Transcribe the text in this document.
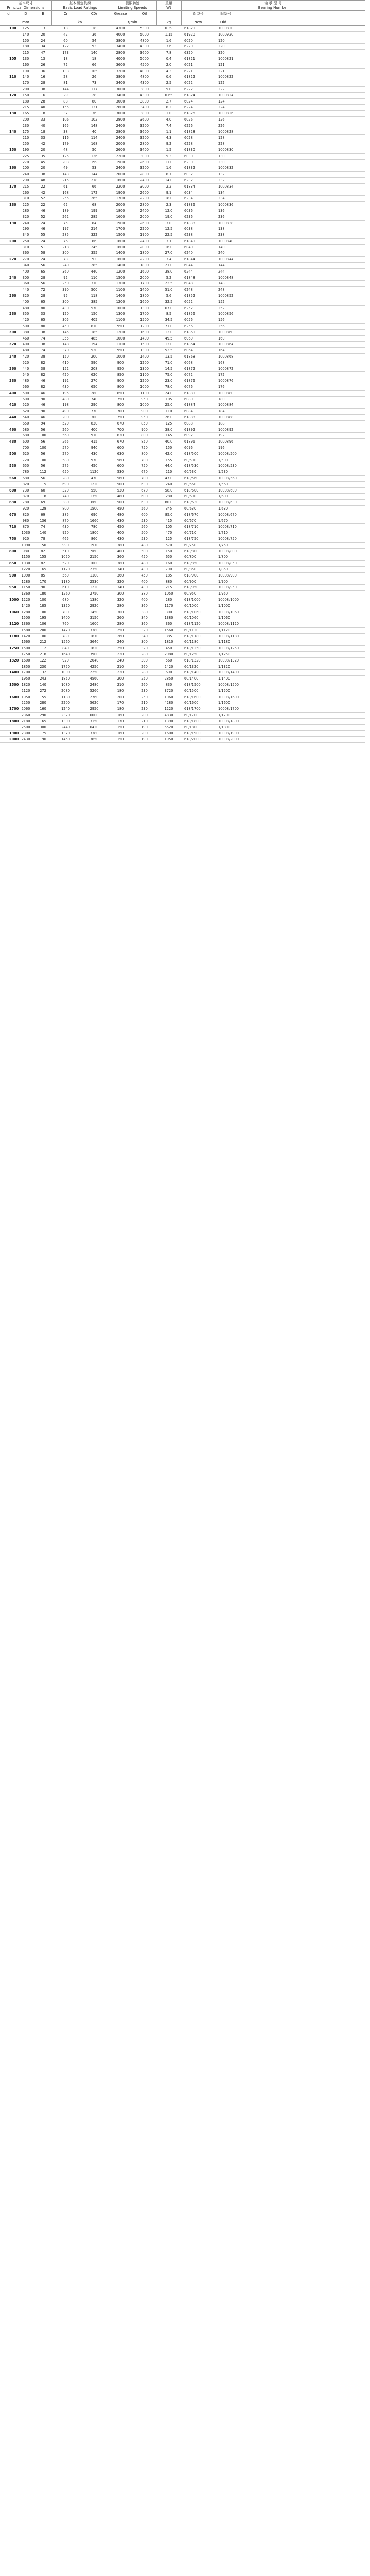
基本尺寸
Principal Dimensions
基本额定负荷
Basic Load Ratings
极限转速
Limiting Speeds
重量
Wt
轴 承 型 号
Bearing Number
d	D	B	Cr	C0r	Grease	Oil	新型号	旧型号
mm	kN	r/min	kg	New	Old
100	125	13	18	18	4300	5300	0.39	61820	1000820
	140	20	42	36	4000	5000	1.15	61920	1000920
	150	24	60	54	3800	4800	1.6	6020	120
	180	34	122	93	3400	4300	3.6	6220	220
	215	47	173	140	2800	3600	7.8	6320	320
105	130	13	18	18	4000	5000	0.4	61821	1000821
	160	26	72	66	3600	4500	2.0	6021	121
	190	36	133	105	3200	4000	4.3	6221	221
110	140	16	28	26	3800	4800	0.6	61822	1000822
	170	28	81	73	3400	4300	2.5	6022	122
	200	38	144	117	3000	3800	5.0	6222	222
120	150	16	29	28	3400	4300	0.65	61824	1000824
	180	28	88	80	3000	3800	2.7	6024	124
	215	40	155	131	2600	3400	6.2	6224	224
130	165	18	37	36	3000	3800	1.0	61826	1000826
	200	33	106	102	2800	3600	4.0	6026	126
	230	40	165	148	2400	3200	7.4	6226	226
140	175	18	38	40	2800	3600	1.1	61828	1000828
	210	33	116	114	2400	3200	4.3	6028	128
	250	42	179	168	2000	2800	9.2	6228	228
150	190	20	48	50	2600	3400	1.5	61830	1000830
	225	35	125	126	2200	3000	5.3	6030	130
	270	45	203	199	1900	2600	11.0	6230	230
160	200	20	49	53	2400	3200	1.6	61832	1000832
	240	38	143	144	2000	2800	6.7	6032	132
	290	48	215	218	1800	2400	14.0	6232	232
170	215	22	61	66	2200	3000	2.2	61834	1000834
	260	42	168	172	1900	2600	9.1	6034	134
	310	52	255	265	1700	2200	18.0	6234	234
180	225	22	62	68	2000	2800	2.3	61836	1000836
	280	46	189	199	1800	2400	12.0	6036	136
	320	52	262	285	1600	2000	19.0	6236	236
190	240	24	75	84	1900	2600	3.0	61838	1000838
	290	46	197	214	1700	2200	12.5	6038	138
	340	55	285	322	1500	1900	22.5	6238	238
200	250	24	76	86	1800	2400	3.1	61840	1000840
	310	51	218	245	1600	2000	16.0	6040	140
	360	58	300	355	1400	1800	27.0	6240	240
220	270	24	78	92	1600	2200	3.4	61844	1000844
	340	56	240	285	1400	1800	21.0	6044	144
	400	65	360	440	1200	1600	38.0	6244	244
240	300	28	92	110	1500	2000	5.2	61848	1000848
	360	56	250	310	1300	1700	22.5	6048	148
	440	72	390	500	1100	1400	51.0	6248	248
260	320	28	95	118	1400	1800	5.6	61852	1000852
	400	65	300	385	1200	1600	32.5	6052	152
	480	80	430	570	1000	1300	67.0	6252	252
280	350	33	120	150	1300	1700	8.5	61856	1000856
	420	65	305	405	1100	1500	34.5	6056	156
	500	80	450	610	950	1200	71.0	6256	256
300	380	38	145	185	1200	1600	12.0	61860	1000860
	460	74	355	485	1000	1400	49.5	6060	160
320	400	38	148	194	1100	1500	13.0	61864	1000864
	480	74	370	520	950	1300	52.5	6064	164
340	420	38	150	200	1000	1400	13.5	61868	1000868
	520	82	410	590	900	1200	71.0	6068	168
360	440	38	152	208	950	1300	14.5	61872	1000872
	540	82	420	620	850	1100	75.0	6072	172
380	480	46	192	270	900	1200	23.0	61876	1000876
	560	82	430	650	800	1000	78.0	6076	176
400	500	46	195	280	850	1100	24.0	61880	1000880
	600	90	480	740	750	950	105	6080	180
420	520	46	198	290	800	1000	25.0	61884	1000884
	620	90	490	770	700	900	110	6084	184
440	540	46	200	300	750	950	26.0	61888	1000888
	650	94	520	830	670	850	125	6088	188
460	580	56	260	400	700	900	38.0	61892	1000892
	680	100	560	910	630	800	145	6092	192
480	600	56	265	415	670	850	40.0	61896	1000896
	700	100	570	940	600	750	150	6096	196
500	620	56	270	430	630	800	42.0	618/500	10008/500
	720	100	580	970	560	700	155	60/500	1/500
530	650	56	275	450	600	750	44.0	618/530	10008/530
	780	112	650	1120	530	670	210	60/530	1/530
560	680	56	280	470	560	700	47.0	618/560	10008/560
	820	115	690	1220	500	630	240	60/560	1/560
600	730	60	320	550	530	670	58.0	618/600	10008/600
	870	118	740	1350	480	600	280	60/600	1/600
630	780	69	380	660	500	630	80.0	618/630	10008/630
	920	128	800	1500	450	560	345	60/630	1/630
670	820	69	385	690	480	600	85.0	618/670	10008/670
	980	136	870	1660	430	530	415	60/670	1/670
710	870	74	430	780	450	560	105	618/710	10008/710
	1030	140	920	1800	400	500	470	60/710	1/710
750	920	78	465	860	430	530	125	618/750	10008/750
	1090	150	990	1970	380	480	570	60/750	1/750
800	980	82	510	960	400	500	150	618/800	10008/800
	1150	155	1050	2150	360	450	650	60/800	1/800
850	1030	82	520	1000	380	480	160	618/850	10008/850
	1220	165	1120	2350	340	430	790	60/850	1/850
900	1090	85	560	1100	360	450	185	618/900	10008/900
	1280	170	1180	2530	320	400	880	60/900	1/900
950	1150	90	610	1220	340	430	215	618/950	10008/950
	1360	180	1260	2750	300	380	1050	60/950	1/950
1000	1220	100	680	1380	320	400	280	618/1000	10008/1000
	1420	185	1320	2920	280	360	1170	60/1000	1/1000
1060	1280	100	700	1450	300	380	300	618/1060	10008/1060
	1500	195	1400	3150	260	340	1380	60/1060	1/1060
1120	1360	106	760	1600	280	360	360	618/1120	10008/1120
	1580	200	1470	3380	250	320	1560	60/1120	1/1120
1180	1420	106	780	1670	260	340	385	618/1180	10008/1180
	1660	212	1560	3640	240	300	1810	60/1180	1/1180
1250	1500	112	840	1820	250	320	450	618/1250	10008/1250
	1750	218	1640	3900	220	280	2080	60/1250	1/1250
1320	1600	122	920	2040	240	300	560	618/1320	10008/1320
	1850	230	1750	4250	210	260	2420	60/1320	1/1320
1400	1700	132	1000	2250	220	280	690	618/1400	10008/1400
	1950	243	1850	4560	200	250	2850	60/1400	1/1400
1500	1820	140	1080	2480	210	260	830	618/1500	10008/1500
	2120	272	2080	5260	180	230	3720	60/1500	1/1500
1600	1950	155	1180	2760	200	250	1060	618/1600	10008/1600
	2250	280	2200	5620	170	210	4280	60/1600	1/1600
1700	2060	160	1240	2950	180	230	1220	618/1700	10008/1700
	2360	290	2320	6000	160	200	4830	60/1700	1/1700
1800	2180	165	1300	3150	170	210	1390	618/1800	10008/1800
	2500	300	2440	6420	150	190	5520	60/1800	1/1800
1900	2300	175	1370	3380	160	200	1600	618/1900	10008/1900
2000	2430	190	1450	3650	150	190	1950	618/2000	10008/2000
